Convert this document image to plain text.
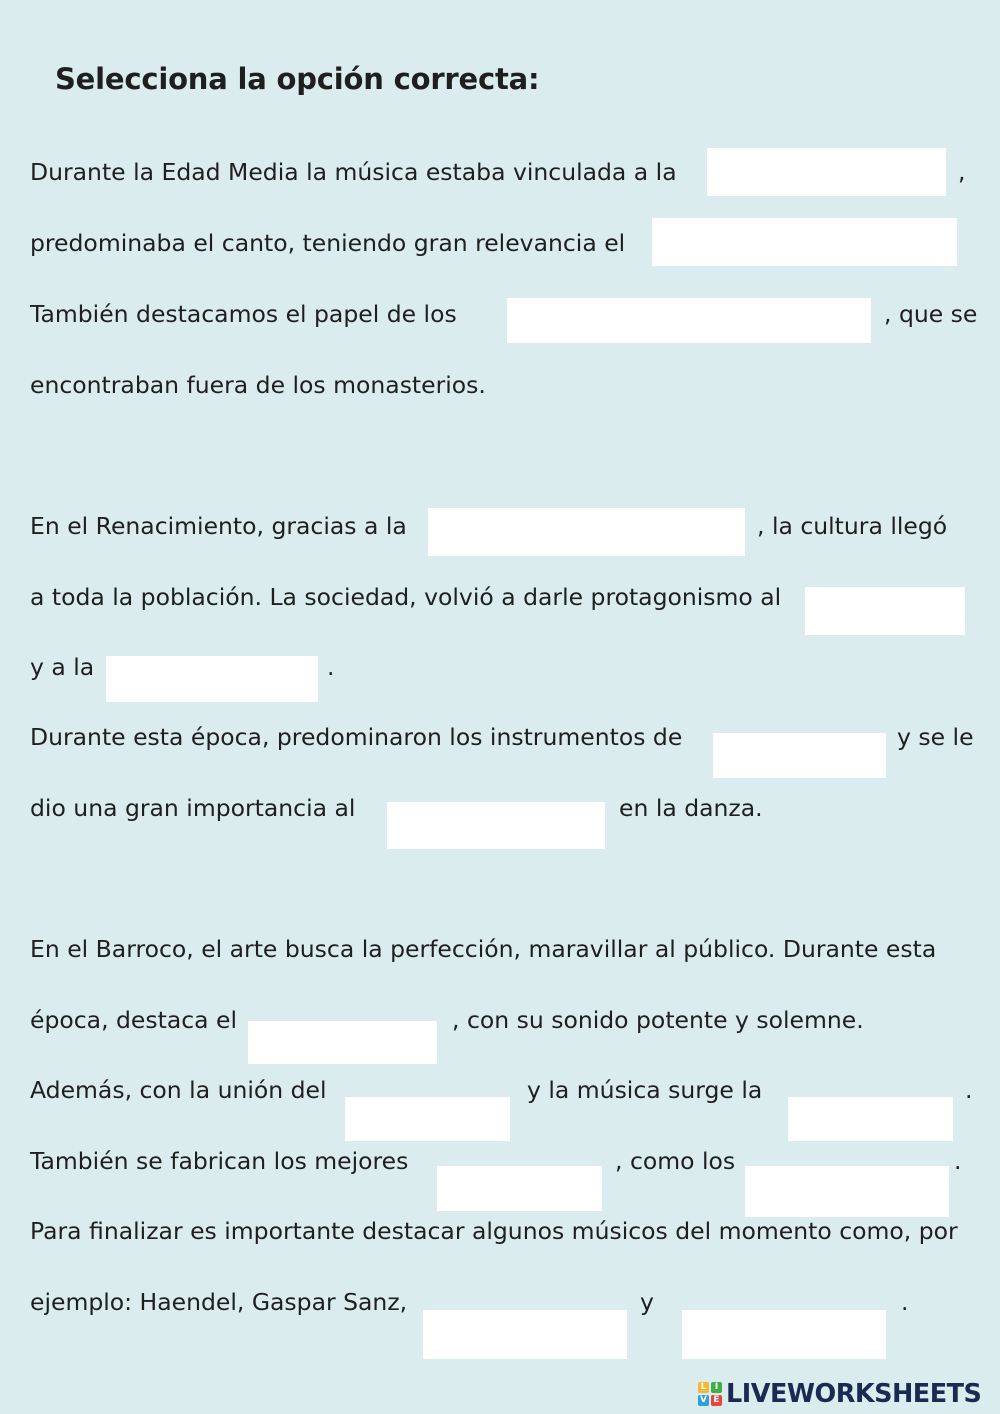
Selecciona la opción correcta:
Durante la Edad Media la música estaba vinculada a la	,
predominaba el canto, teniendo gran relevancia el
También destacamos el papel de los	, que se
encontraban fuera de los monasterios.
En el Renacimiento, gracias a la	, la cultura llegó
a toda la población. La sociedad, volvió a darle protagonismo al
y a la	.
Durante esta época, predominaron los instrumentos de	y se le
dio una gran importancia al	en la danza.
En el Barroco, el arte busca la perfección, maravillar al público. Durante esta
época, destaca el	, con su sonido potente y solemne.
Además, con la unión del	y la música surge la	.
También se fabrican los mejores	, como los	.
Para finalizar es importante destacar algunos músicos del momento como, por
ejemplo: Haendel, Gaspar Sanz,	y	.
L I
V E LIVEWORKSHEETS
